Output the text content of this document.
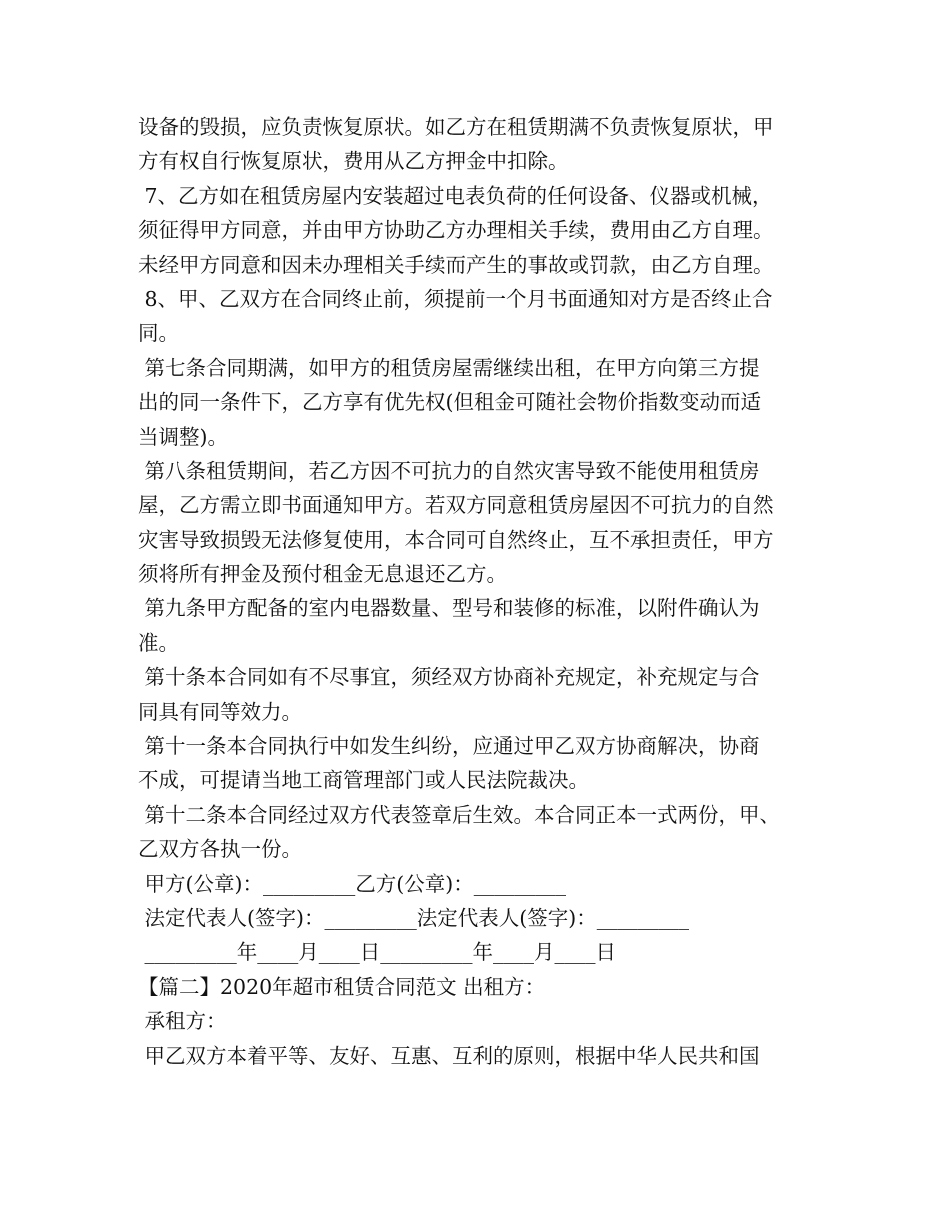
设备的毁损，应负责恢复原状。如乙方在租赁期满不负责恢复原状，甲
方有权自行恢复原状，费用从乙方押金中扣除。
7、乙方如在租赁房屋内安装超过电表负荷的任何设备、仪器或机械，
须征得甲方同意，并由甲方协助乙方办理相关手续，费用由乙方自理。
未经甲方同意和因未办理相关手续而产生的事故或罚款，由乙方自理。
8、甲、乙双方在合同终止前，须提前一个月书面通知对方是否终止合
同。
第七条合同期满，如甲方的租赁房屋需继续出租，在甲方向第三方提
出的同一条件下，乙方享有优先权(但租金可随社会物价指数变动而适
当调整)。
第八条租赁期间，若乙方因不可抗力的自然灾害导致不能使用租赁房
屋，乙方需立即书面通知甲方。若双方同意租赁房屋因不可抗力的自然
灾害导致损毁无法修复使用，本合同可自然终止，互不承担责任，甲方
须将所有押金及预付租金无息退还乙方。
第九条甲方配备的室内电器数量、型号和装修的标准，以附件确认为
准。
第十条本合同如有不尽事宜，须经双方协商补充规定，补充规定与合
同具有同等效力。
第十一条本合同执行中如发生纠纷，应通过甲乙双方协商解决，协商
不成，可提请当地工商管理部门或人民法院裁决。
第十二条本合同经过双方代表签章后生效。本合同正本一式两份，甲、
乙双方各执一份。
甲方(公章)：_________乙方(公章)：_________
法定代表人(签字)：_________法定代表人(签字)：_________
_________年____月____日_________年____月____日
【篇二】2020年超市租赁合同范文 出租方：
承租方：
甲乙双方本着平等、友好、互惠、互利的原则，根据中华人民共和国
